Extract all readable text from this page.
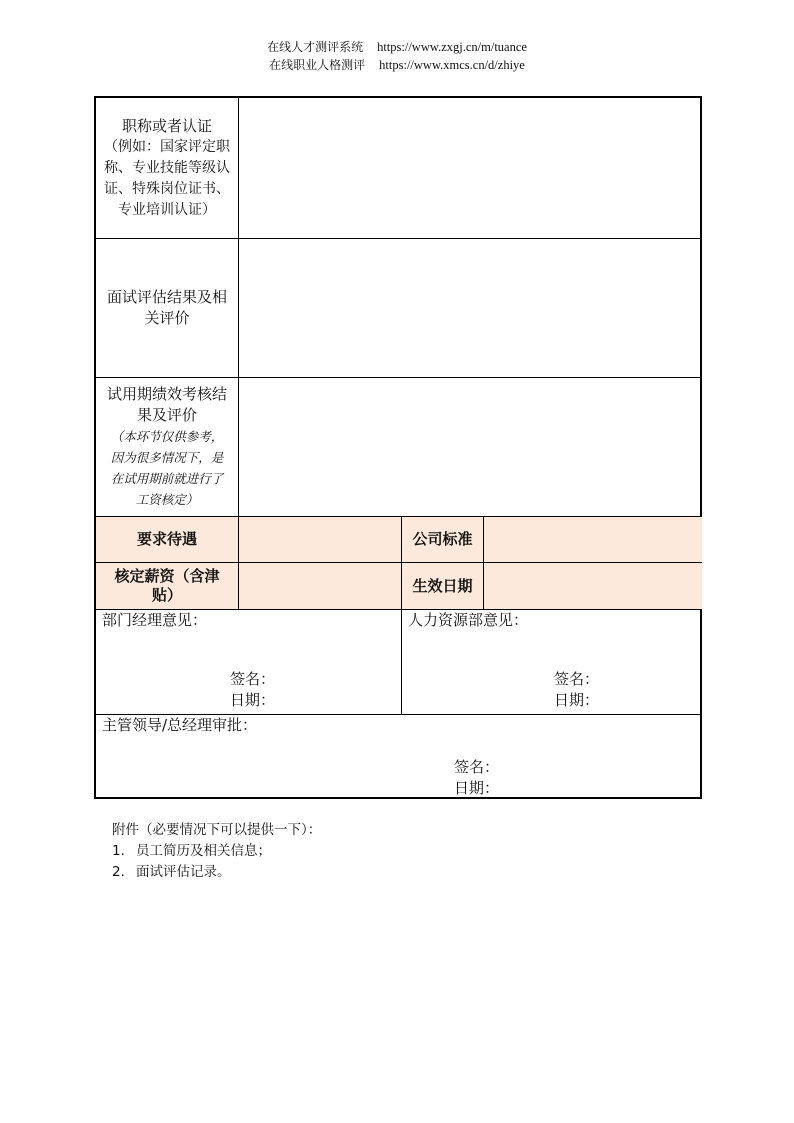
在线人才测评系统 https://www.zxgj.cn/m/tuance
在线职业人格测评 https://www.xmcs.cn/d/zhiye
职称或者认证
（例如：国家评定职
称、专业技能等级认
证、特殊岗位证书、
专业培训认证）
面试评估结果及相
关评价
试用期绩效考核结
果及评价
（本环节仅供参考，
因为很多情况下，是
在试用期前就进行了
工资核定）
要求待遇	公司标准
核定薪资（含津
贴）
生效日期
部门经理意见：
签名：
日期：
人力资源部意见：
签名：
日期：
主管领导/总经理审批：
签名：
日期：
附件（必要情况下可以提供一下）：
1. 员工简历及相关信息；
2. 面试评估记录。
